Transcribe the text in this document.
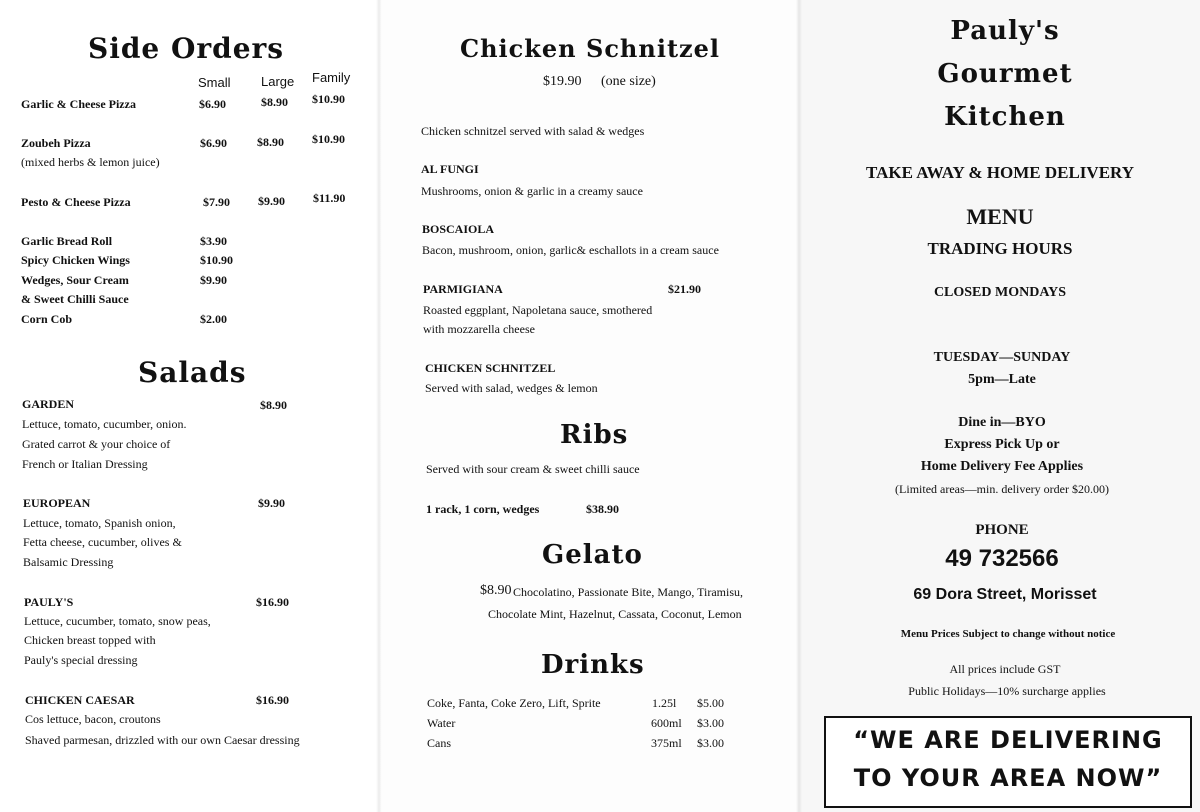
Side Orders
Small Large Family
Garlic & Cheese Pizza	$6.90	$8.90 $10.90
Zoubeh Pizza
(mixed herbs & lemon juice)
$6.90	$8.90 $10.90
Pesto & Cheese Pizza	$7.90 $9.90 $11.90
Garlic Bread Roll	$3.90
Spicy Chicken Wings	$10.90
Wedges, Sour Cream
& Sweet Chilli Sauce
$9.90
Corn Cob	$2.00
Salads
GARDEN	$8.90
Lettuce, tomato, cucumber, onion.
Grated carrot & your choice of
French or Italian Dressing
EUROPEAN	$9.90
Lettuce, tomato, Spanish onion,
Fetta cheese, cucumber, olives &
Balsamic Dressing
PAULY'S	$16.90
Lettuce, cucumber, tomato, snow peas,
Chicken breast topped with
Pauly's special dressing
CHICKEN CAESAR	$16.90
Cos lettuce, bacon, croutons
Shaved parmesan, drizzled with our own Caesar dressing
Chicken Schnitzel
$19.90 (one size)
Chicken schnitzel served with salad & wedges
AL FUNGI
Mushrooms, onion & garlic in a creamy sauce
BOSCAIOLA
Bacon, mushroom, onion, garlic& eschallots in a cream sauce
PARMIGIANA	$21.90
Roasted eggplant, Napoletana sauce, smothered
with mozzarella cheese
CHICKEN SCHNITZEL
Served with salad, wedges & lemon
Ribs
Served with sour cream & sweet chilli sauce
1 rack, 1 corn, wedges	$38.90
Gelato
$8.90 Chocolatino, Passionate Bite, Mango, Tiramisu,
Chocolate Mint, Hazelnut, Cassata, Coconut, Lemon
Drinks
Coke, Fanta, Coke Zero, Lift, Sprite	1.25l $5.00
Water	600ml $3.00
Cans	375ml $3.00
Pauly's
Gourmet
Kitchen
TAKE AWAY & HOME DELIVERY
MENU
TRADING HOURS
CLOSED MONDAYS
TUESDAY—SUNDAY
5pm—Late
Dine in—BYO
Express Pick Up or
Home Delivery Fee Applies
(Limited areas—min. delivery order $20.00)
PHONE
49 732566
69 Dora Street, Morisset
Menu Prices Subject to change without notice
All prices include GST
Public Holidays—10% surcharge applies
“WE ARE DELIVERING
TO YOUR AREA NOW”
